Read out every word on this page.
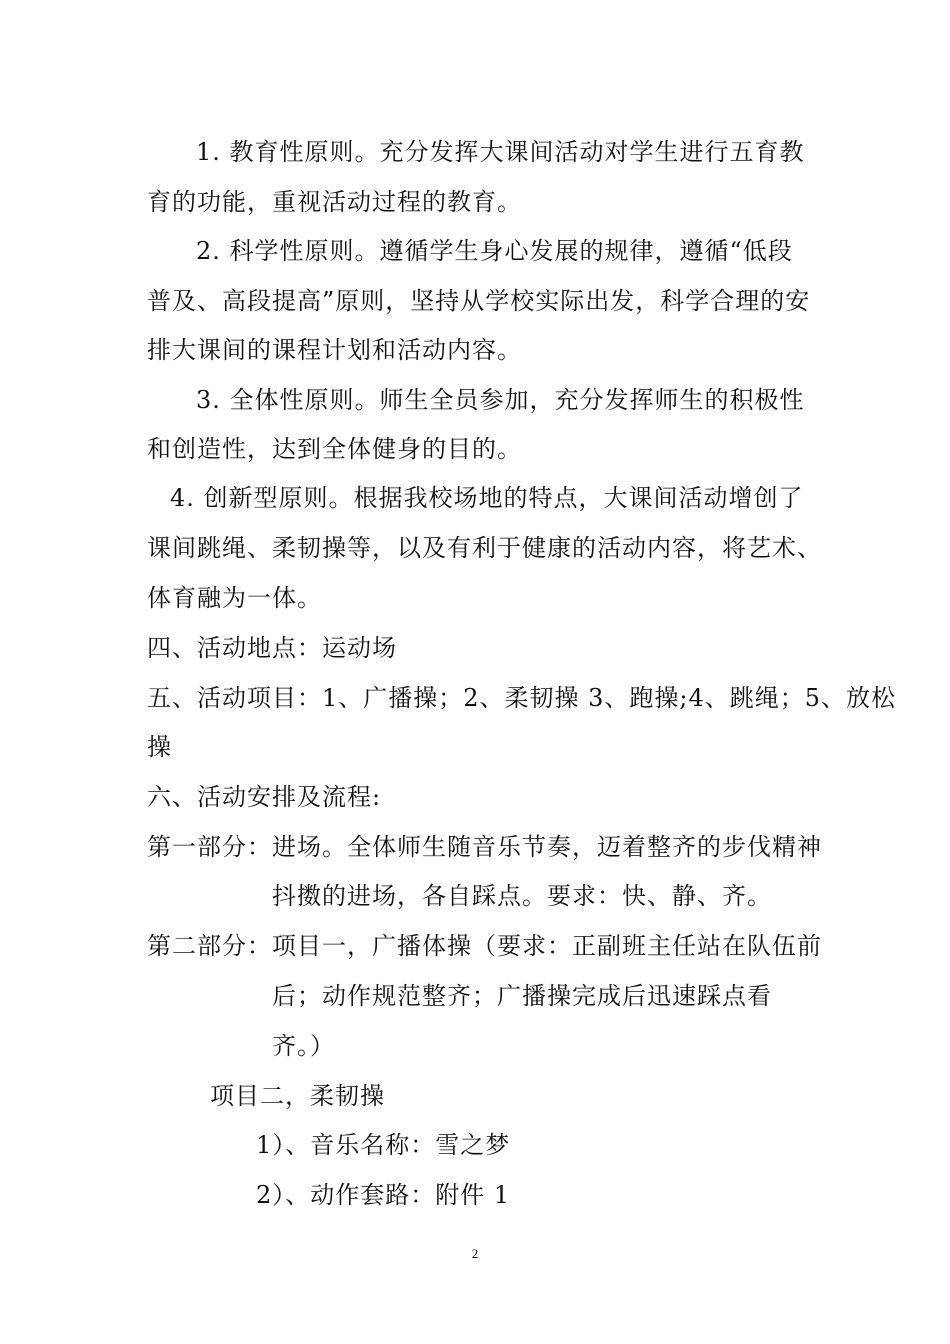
1. 教育性原则。充分发挥大课间活动对学生进行五育教
育的功能，重视活动过程的教育。
2. 科学性原则。遵循学生身心发展的规律，遵循“低段
普及、高段提高”原则，坚持从学校实际出发，科学合理的安
排大课间的课程计划和活动内容。
3. 全体性原则。师生全员参加，充分发挥师生的积极性
和创造性，达到全体健身的目的。
4. 创新型原则。根据我校场地的特点，大课间活动增创了
课间跳绳、柔韧操等，以及有利于健康的活动内容，将艺术、
体育融为一体。
四、活动地点：运动场
五、活动项目：1、广播操；2、柔韧操 3、跑操;4、跳绳；5、放松
操
六、活动安排及流程:
第一部分：进场。全体师生随音乐节奏，迈着整齐的步伐精神
抖擞的进场，各自踩点。要求：快、静、齐。
第二部分：项目一，广播体操（要求：正副班主任站在队伍前
后；动作规范整齐；广播操完成后迅速踩点看
齐。）
项目二，柔韧操
1）、音乐名称：雪之梦
2）、动作套路：附件 1
2
